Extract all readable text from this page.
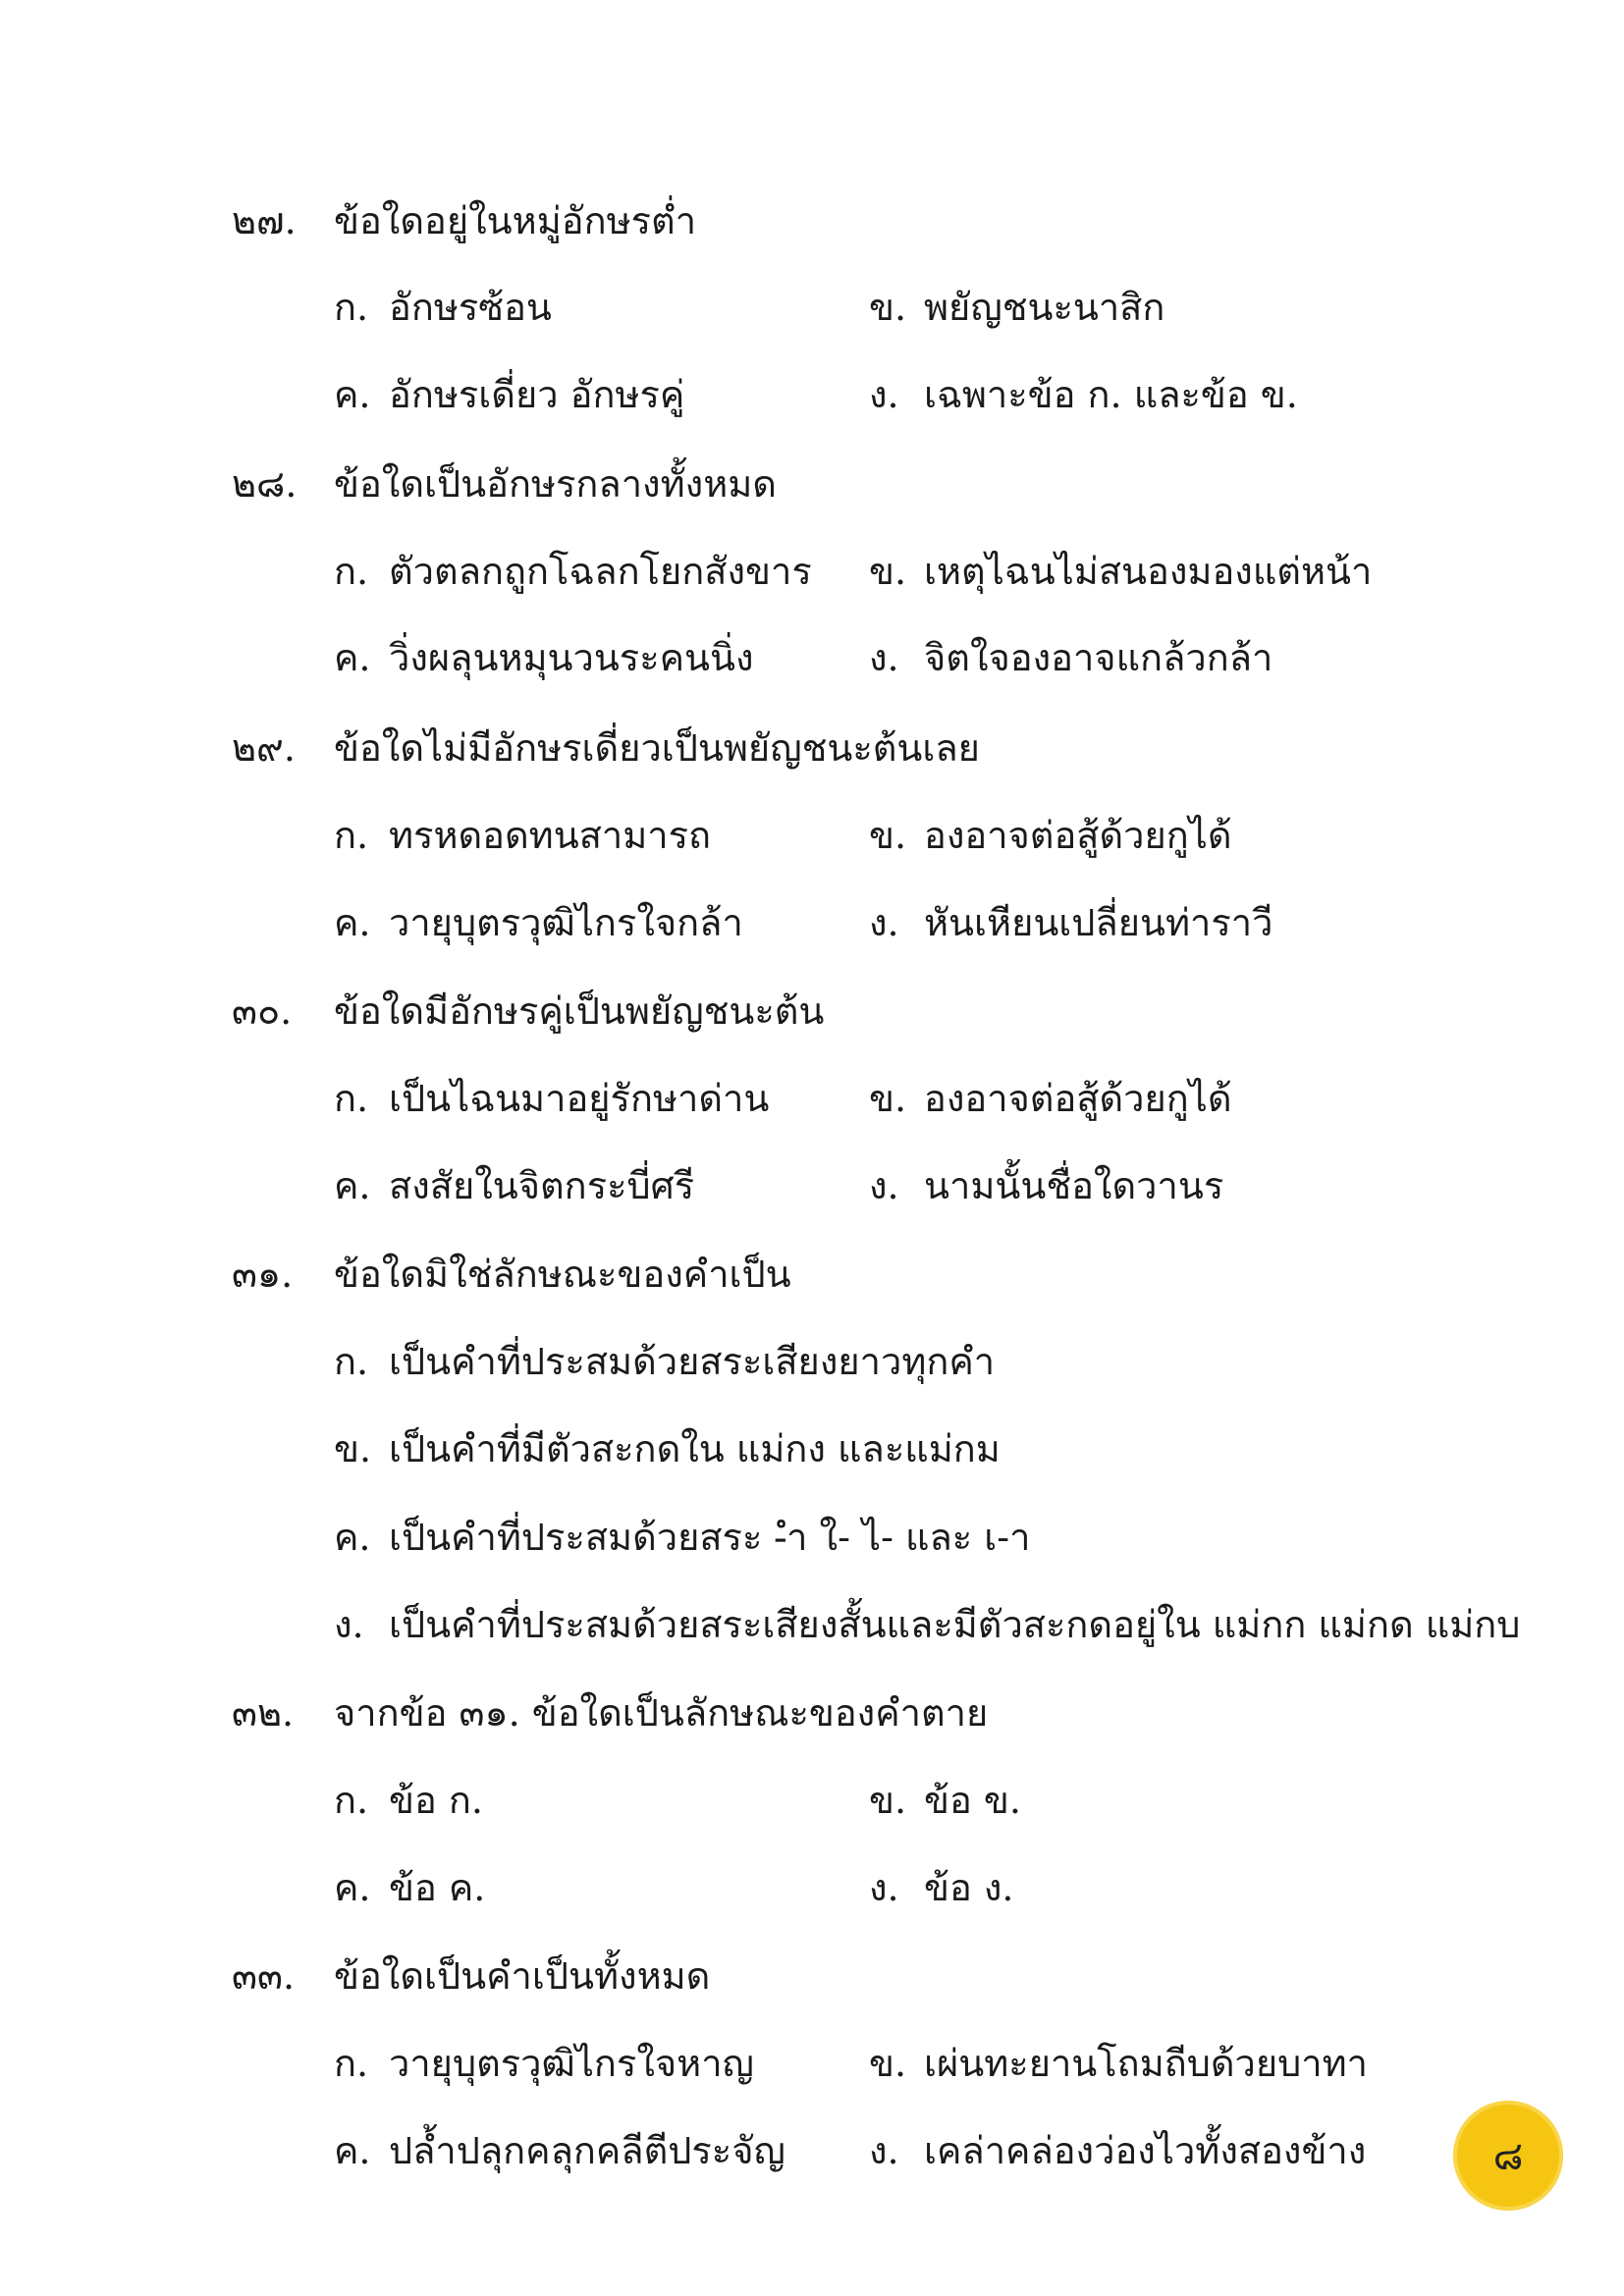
๒๗. ข้อใดอยู่ในหมู่อักษรต่ำ
ก. อักษรซ้อน	ข. พยัญชนะนาสิก
ค. อักษรเดี่ยว อักษรคู่	ง. เฉพาะข้อ ก. และข้อ ข.
๒๘. ข้อใดเป็นอักษรกลางทั้งหมด
ก. ตัวตลกถูกโฉลกโยกสังขาร ข. เหตุไฉนไม่สนองมองแต่หน้า
ค. วิ่งผลุนหมุนวนระคนนิ่ง	ง. จิตใจองอาจแกล้วกล้า
๒๙. ข้อใดไม่มีอักษรเดี่ยวเป็นพยัญชนะต้นเลย
ก. ทรหดอดทนสามารถ	ข. องอาจต่อสู้ด้วยกูได้
ค. วายุบุตรวุฒิไกรใจกล้า	ง. หันเหียนเปลี่ยนท่าราวี
๓๐. ข้อใดมีอักษรคู่เป็นพยัญชนะต้น
ก. เป็นไฉนมาอยู่รักษาด่าน	ข. องอาจต่อสู้ด้วยกูได้
ค. สงสัยในจิตกระบี่ศรี	ง. นามนั้นชื่อใดวานร
๓๑. ข้อใดมิใช่ลักษณะของคำเป็น
ก. เป็นคำที่ประสมด้วยสระเสียงยาวทุกคำ
ข. เป็นคำที่มีตัวสะกดใน แม่กง และแม่กม
ค. เป็นคำที่ประสมด้วยสระ -ำ ใ- ไ- และ เ-า
ง. เป็นคำที่ประสมด้วยสระเสียงสั้นและมีตัวสะกดอยู่ใน แม่กก แม่กด แม่กบ
๓๒. จากข้อ ๓๑. ข้อใดเป็นลักษณะของคำตาย
ก. ข้อ ก.	ข. ข้อ ข.
ค. ข้อ ค.	ง. ข้อ ง.
๓๓. ข้อใดเป็นคำเป็นทั้งหมด
ก. วายุบุตรวุฒิไกรใจหาญ	ข. เผ่นทะยานโถมถีบด้วยบาทา
ค. ปล้ำปลุกคลุกคลีตีประจัญ ง. เคล่าคล่องว่องไวทั้งสองข้าง	๘
